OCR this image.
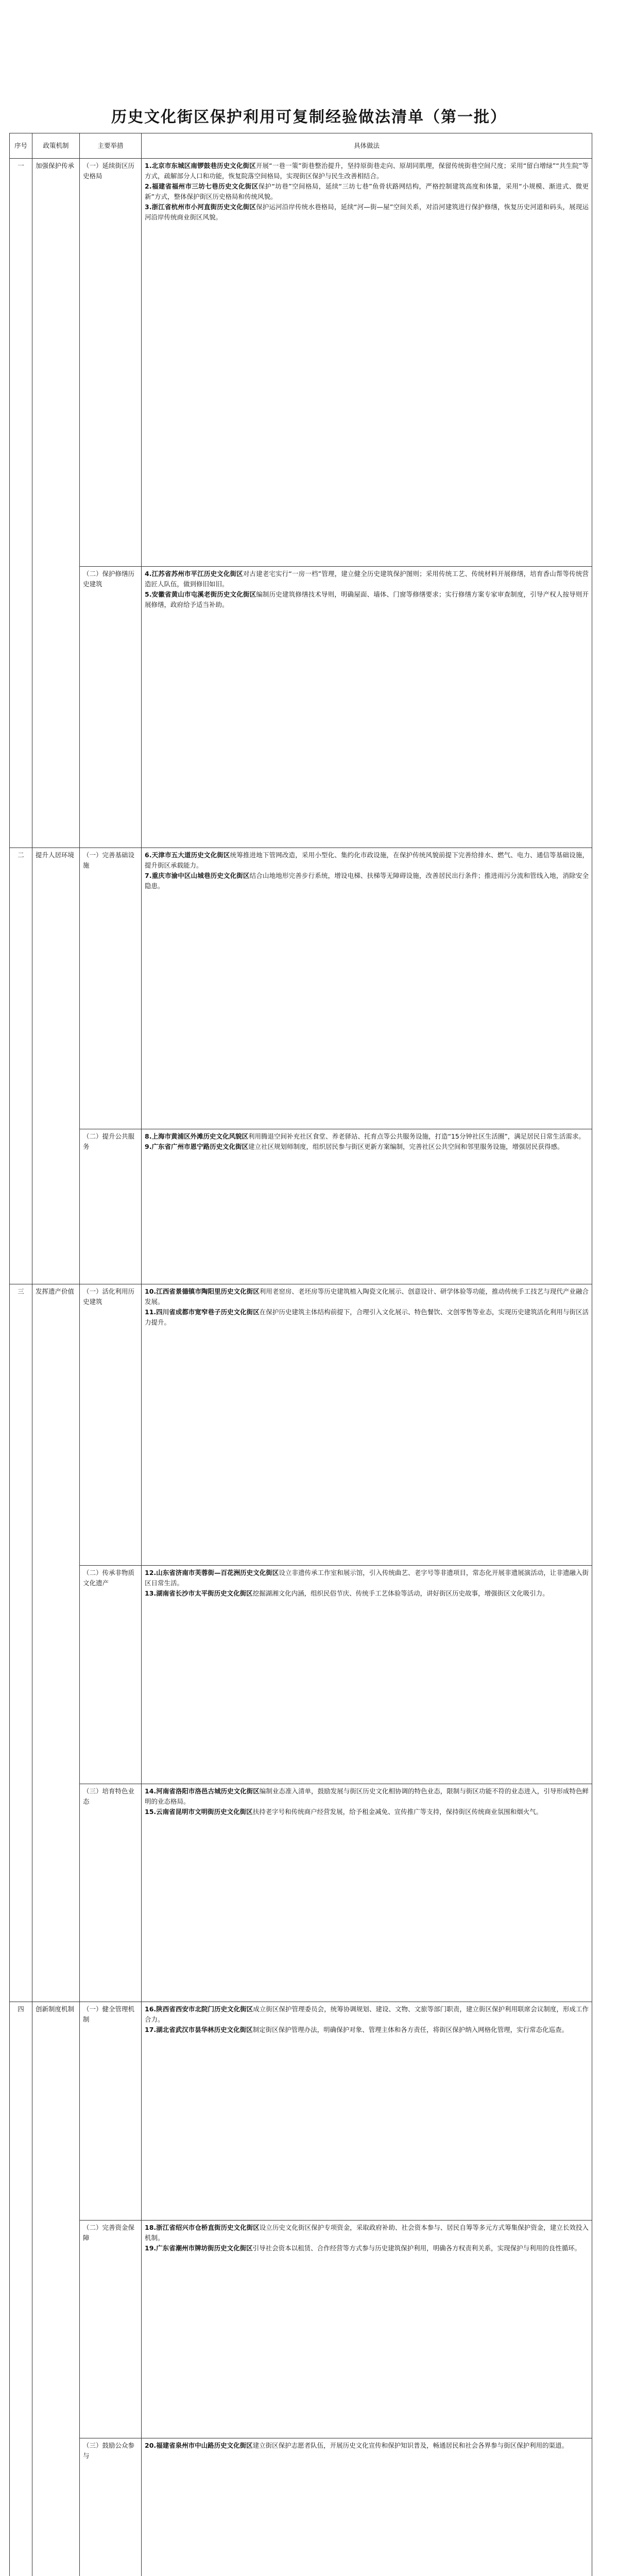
历史文化街区保护利用可复制经验做法清单（第一批）
序号	政策机制	主要举措	具体做法
一	加强保护传承	（一）延续街区历史格局	1.北京市东城区南锣鼓巷历史文化街区开展“一巷一策”街巷整治提升，坚持原街巷走向、原胡同肌理，保留传统街巷空间尺度；采用“留白增绿”“共生院”等方式，疏解部分人口和功能，恢复院落空间格局，实现街区保护与民生改善相结合。
2.福建省福州市三坊七巷历史文化街区保护“坊巷”空间格局，延续“三坊七巷”鱼骨状路网结构，严格控制建筑高度和体量，采用“小规模、渐进式、微更新”方式，整体保护街区历史格局和传统风貌。
3.浙江省杭州市小河直街历史文化街区保护运河沿岸传统水巷格局，延续“河—街—屋”空间关系，对沿河建筑进行保护修缮，恢复历史河道和码头，展现运河沿岸传统商业街区风貌。

		（二）保护修缮历史建筑	4.江苏省苏州市平江历史文化街区对古建老宅实行“一房一档”管理，建立健全历史建筑保护图则；采用传统工艺、传统材料开展修缮，培育香山帮等传统营造匠人队伍，做到修旧如旧。
5.安徽省黄山市屯溪老街历史文化街区编制历史建筑修缮技术导则，明确屋面、墙体、门窗等修缮要求；实行修缮方案专家审查制度，引导产权人按导则开展修缮，政府给予适当补助。

二	提升人居环境	（一）完善基础设施	6.天津市五大道历史文化街区统筹推进地下管网改造，采用小型化、集约化市政设施，在保护传统风貌前提下完善给排水、燃气、电力、通信等基础设施，提升街区承载能力。
7.重庆市渝中区山城巷历史文化街区结合山地地形完善步行系统，增设电梯、扶梯等无障碍设施，改善居民出行条件；推进雨污分流和管线入地，消除安全隐患。

		（二）提升公共服务	8.上海市黄浦区外滩历史文化风貌区利用腾退空间补充社区食堂、养老驿站、托育点等公共服务设施，打造“15分钟社区生活圈”，满足居民日常生活需求。
9.广东省广州市恩宁路历史文化街区建立社区规划师制度，组织居民参与街区更新方案编制，完善社区公共空间和邻里服务设施，增强居民获得感。

三	发挥遗产价值	（一）活化利用历史建筑	10.江西省景德镇市陶阳里历史文化街区利用老窑房、老坯房等历史建筑植入陶瓷文化展示、创意设计、研学体验等功能，推动传统手工技艺与现代产业融合发展。
11.四川省成都市宽窄巷子历史文化街区在保护历史建筑主体结构前提下，合理引入文化展示、特色餐饮、文创零售等业态，实现历史建筑活化利用与街区活力提升。

		（二）传承非物质文化遗产	12.山东省济南市芙蓉街—百花洲历史文化街区设立非遗传承工作室和展示馆，引入传统曲艺、老字号等非遗项目，常态化开展非遗展演活动，让非遗融入街区日常生活。
13.湖南省长沙市太平街历史文化街区挖掘湖湘文化内涵，组织民俗节庆、传统手工艺体验等活动，讲好街区历史故事，增强街区文化吸引力。

		（三）培育特色业态	14.河南省洛阳市洛邑古城历史文化街区编制业态准入清单，鼓励发展与街区历史文化相协调的特色业态，限制与街区功能不符的业态进入，引导形成特色鲜明的业态格局。
15.云南省昆明市文明街历史文化街区扶持老字号和传统商户经营发展，给予租金减免、宣传推广等支持，保持街区传统商业氛围和烟火气。

四	创新制度机制	（一）健全管理机制	16.陕西省西安市北院门历史文化街区成立街区保护管理委员会，统筹协调规划、建设、文物、文旅等部门职责，建立街区保护利用联席会议制度，形成工作合力。
17.湖北省武汉市昙华林历史文化街区制定街区保护管理办法，明确保护对象、管理主体和各方责任，将街区保护纳入网格化管理，实行常态化巡查。

		（二）完善资金保障	18.浙江省绍兴市仓桥直街历史文化街区设立历史文化街区保护专项资金，采取政府补助、社会资本参与、居民自筹等多元方式筹集保护资金，建立长效投入机制。
19.广东省潮州市牌坊街历史文化街区引导社会资本以租赁、合作经营等方式参与历史建筑保护利用，明确各方权责利关系，实现保护与利用的良性循环。

		（三）鼓励公众参与	20.福建省泉州市中山路历史文化街区建立街区保护志愿者队伍，开展历史文化宣传和保护知识普及，畅通居民和社会各界参与街区保护利用的渠道。
